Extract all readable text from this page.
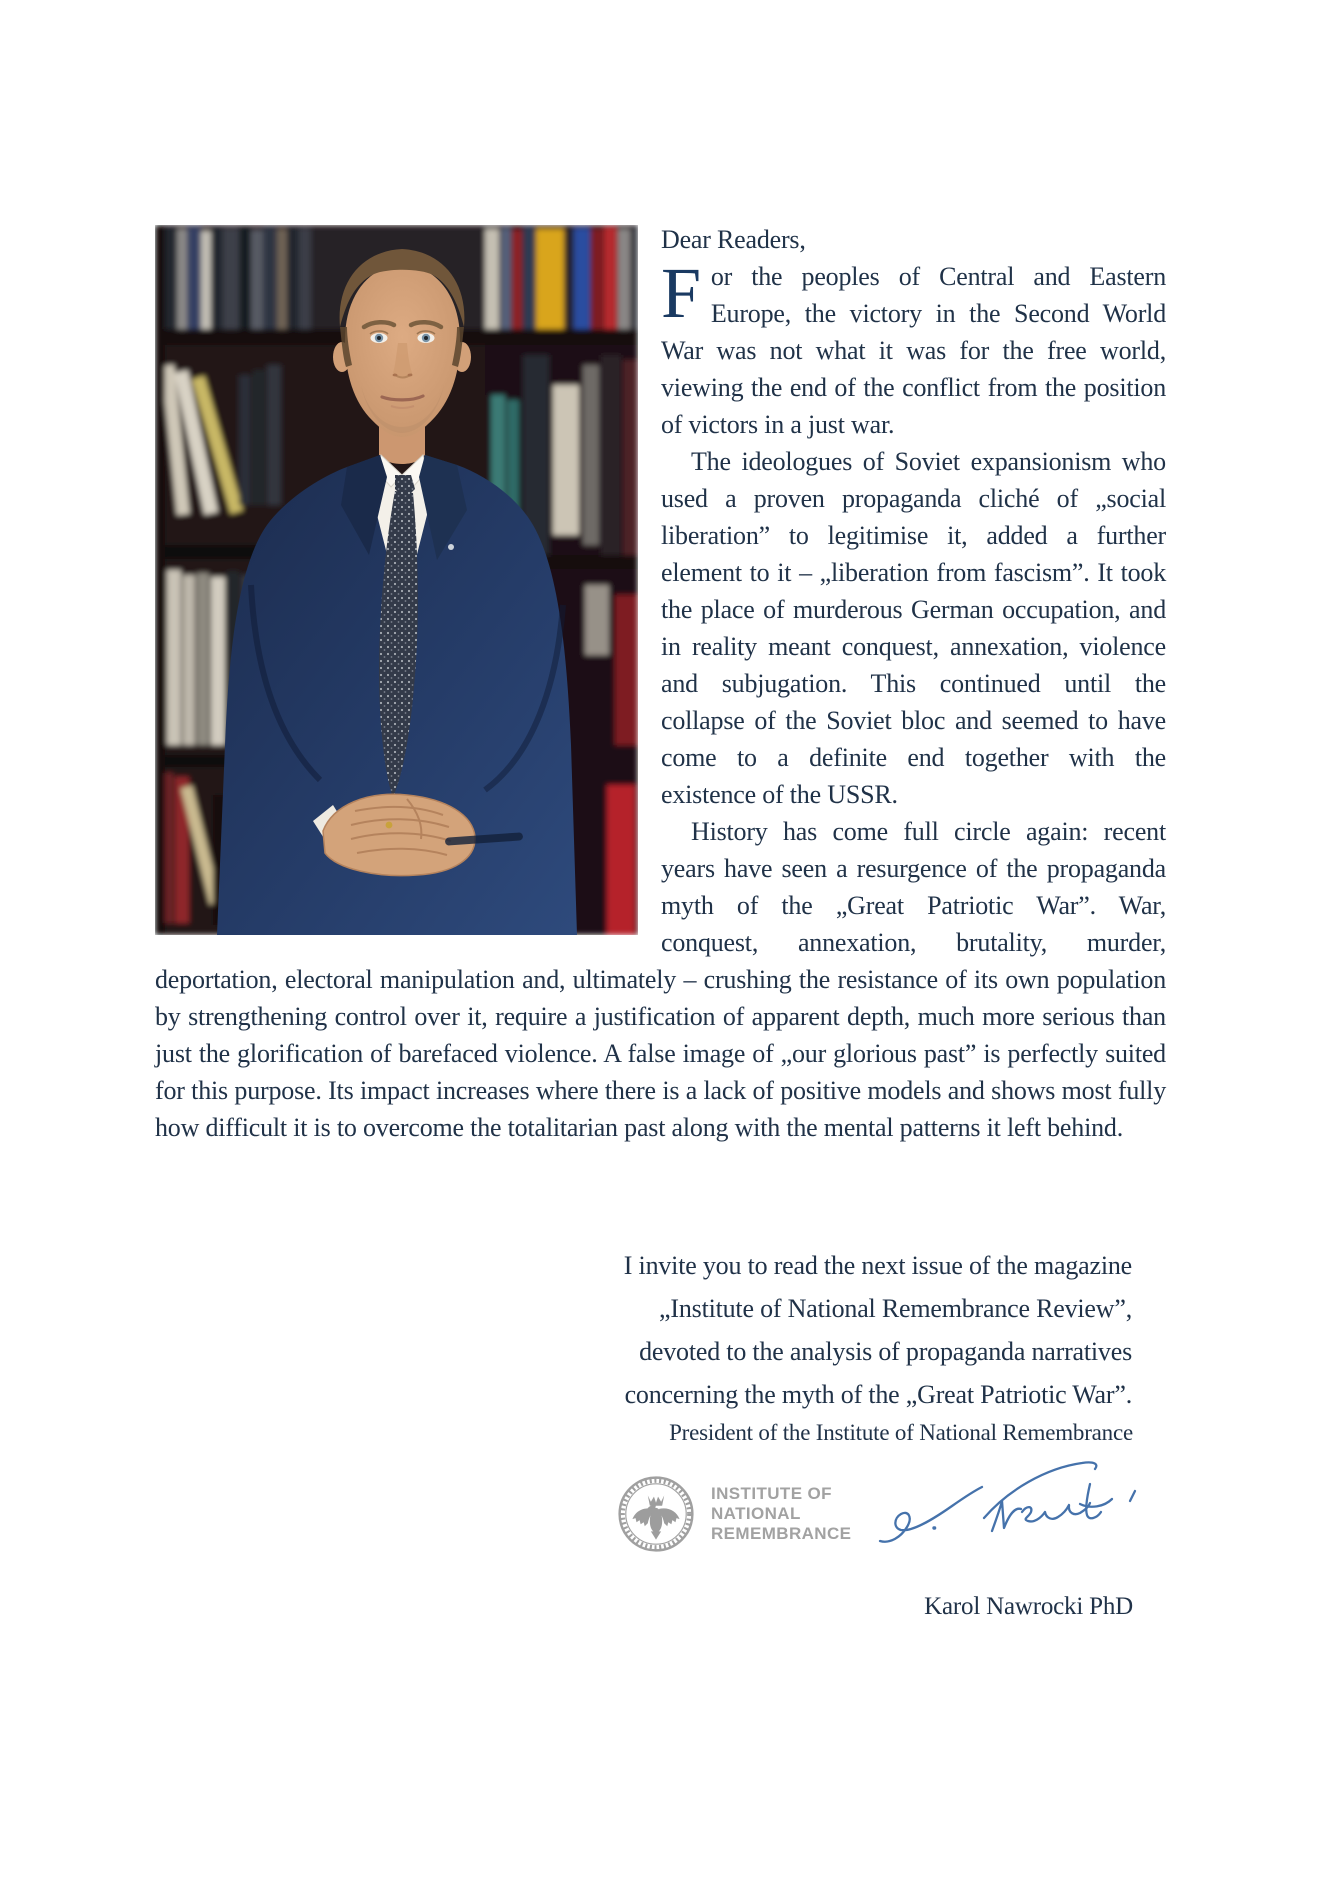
Dear Readers,

For the peoples of Central and Eastern Europe, the victory in the Second World War was not what it was for the free world, viewing the end of the conflict from the position of victors in a just war.

The ideologues of Soviet expansionism who used a proven propaganda cliché of „social liberation” to legitimise it, added a further element to it – „liberation from fascism”. It took the place of murderous German occupation, and in reality meant conquest, annexation, violence and subjugation. This continued until the collapse of the Soviet bloc and seemed to have come to a definite end together with the existence of the USSR.

History has come full circle again: recent years have seen a resurgence of the propaganda myth of the „Great Patriotic War”. War, conquest, annexation, brutality, murder, deportation, electoral manipulation and, ultimately – crushing the resistance of its own population by strengthening control over it, require a justification of apparent depth, much more serious than just the glorification of barefaced violence. A false image of „our glorious past” is perfectly suited for this purpose. Its impact increases where there is a lack of positive models and shows most fully how difficult it is to overcome the totalitarian past along with the mental patterns it left behind.

I invite you to read the next issue of the magazine
„Institute of National Remembrance Review”,
devoted to the analysis of propaganda narratives
concerning the myth of the „Great Patriotic War”.
President of the Institute of National Remembrance
INSTITUTE OF
NATIONAL
REMEMBRANCE
Karol Nawrocki PhD
